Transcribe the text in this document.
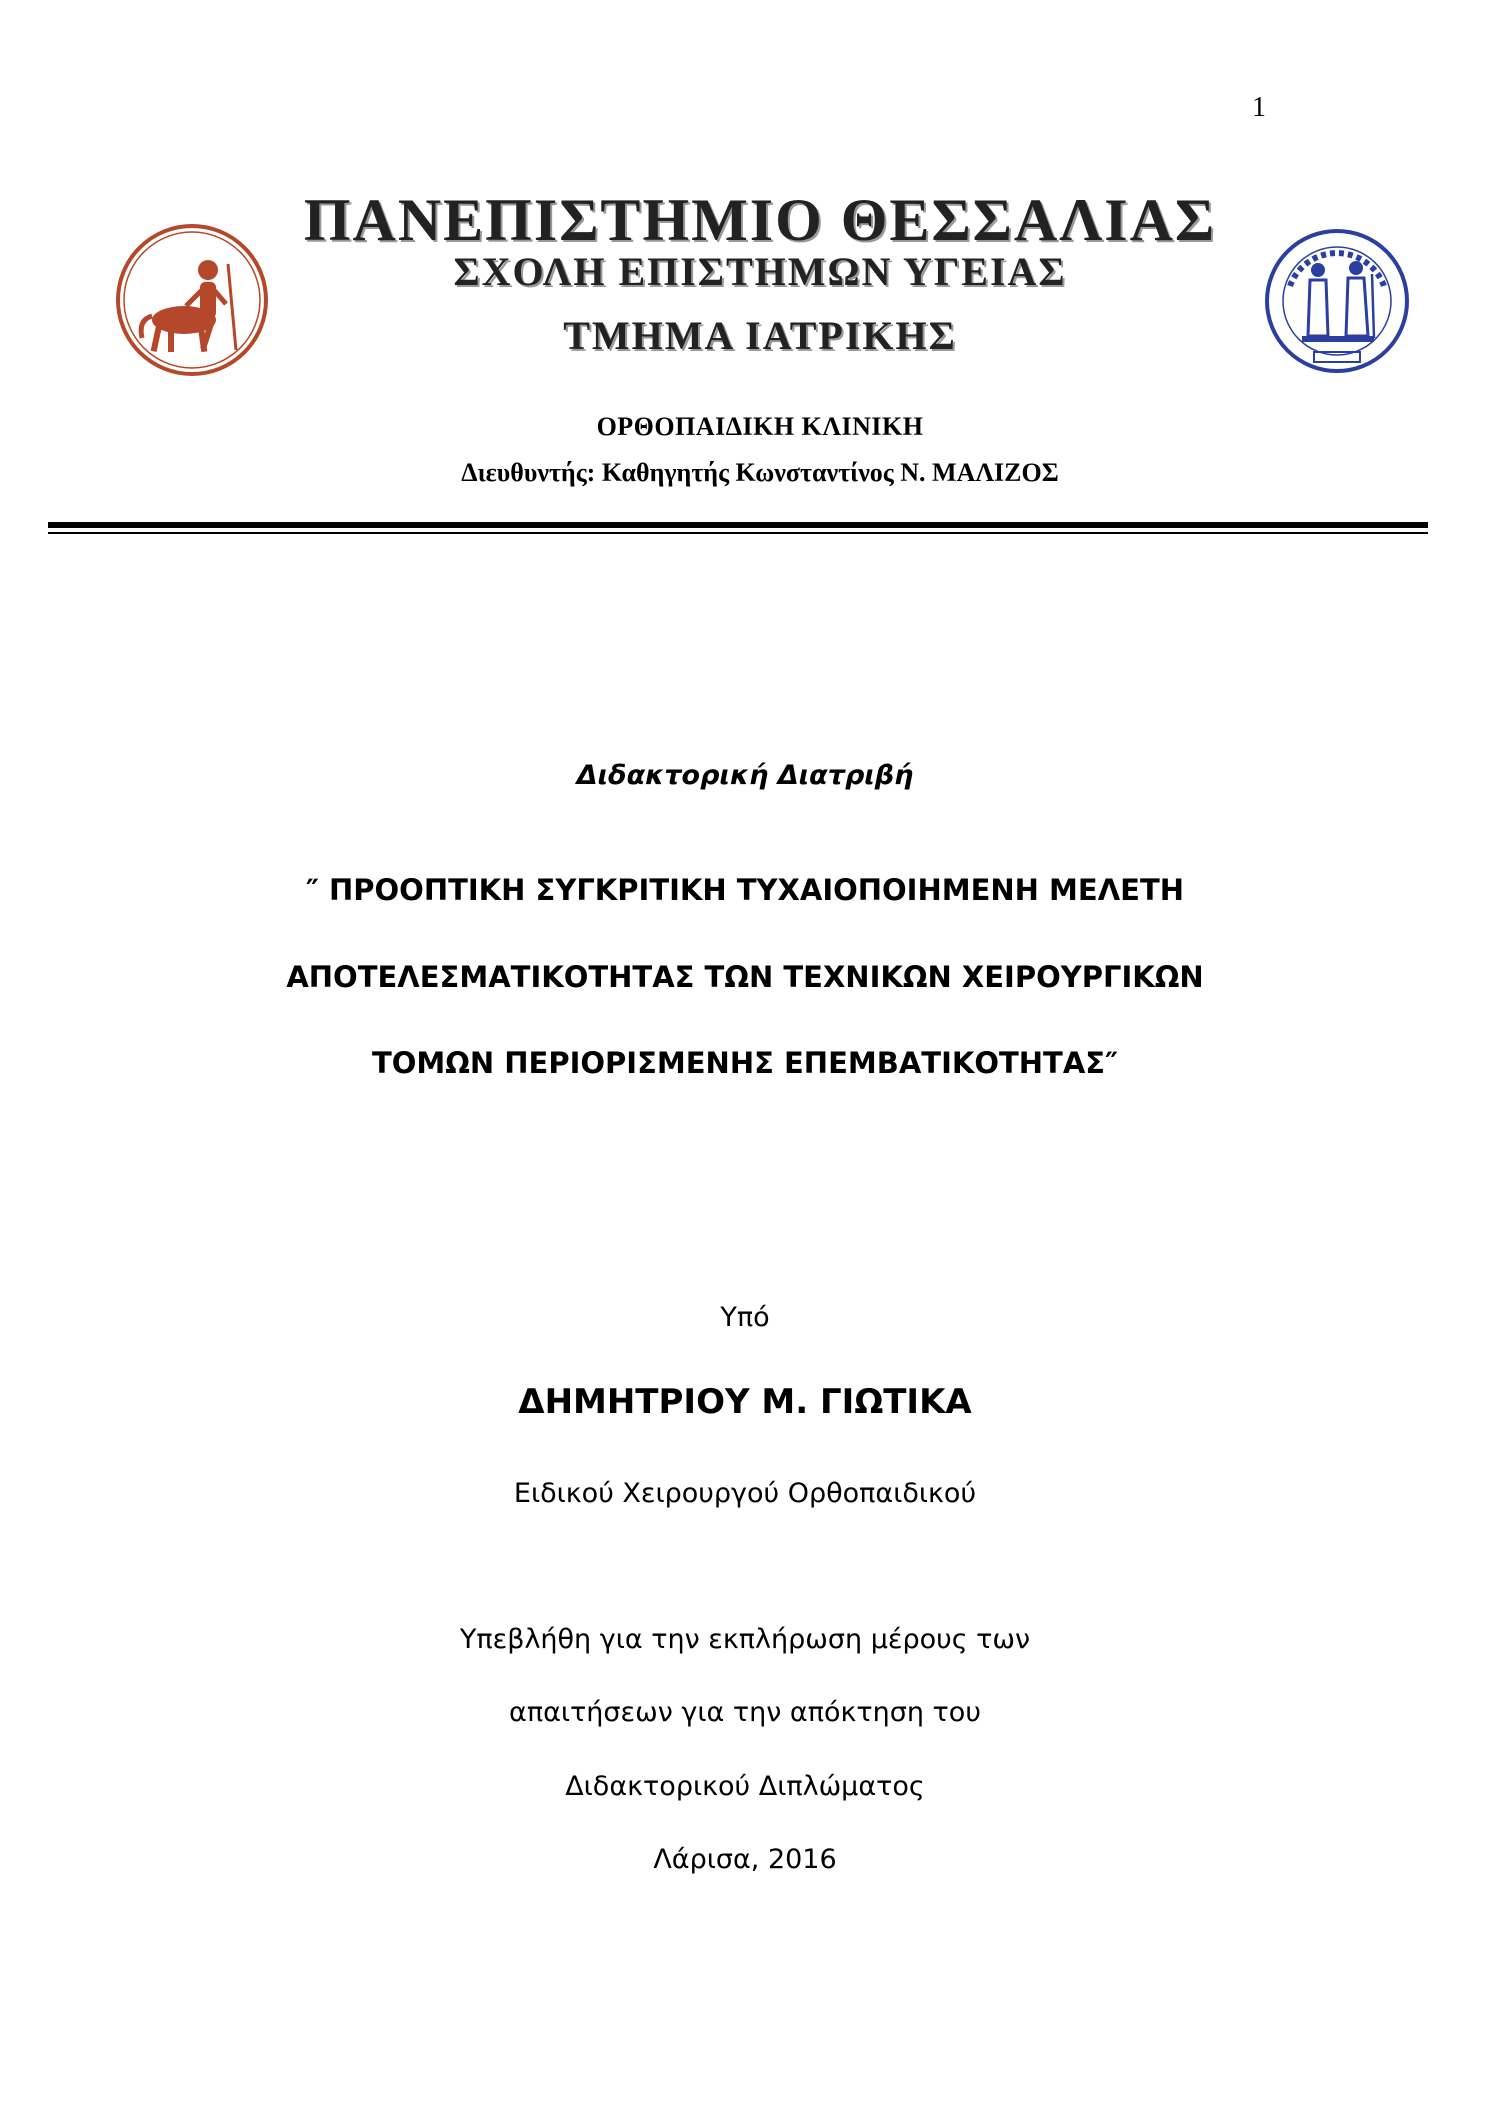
1
ΠΑΝΕΠΙΣΤΗΜΙΟ ΘΕΣΣΑΛΙΑΣ
ΣΧΟΛΗ ΕΠΙΣΤΗΜΩΝ ΥΓΕΙΑΣ
ΤΜΗΜΑ ΙΑΤΡΙΚΗΣ
ΟΡΘΟΠΑΙΔΙΚΗ ΚΛΙΝΙΚΗ
Διευθυντής: Καθηγητής Κωνσταντίνος Ν. ΜΑΛΙΖΟΣ
Διδακτορική Διατριβή
″ ΠΡΟΟΠΤΙΚΗ ΣΥΓΚΡΙΤΙΚΗ ΤΥΧΑΙΟΠΟΙΗΜΕΝΗ ΜΕΛΕΤΗ
ΑΠΟΤΕΛΕΣΜΑΤΙΚΟΤΗΤΑΣ ΤΩΝ ΤΕΧΝΙΚΩΝ ΧΕΙΡΟΥΡΓΙΚΩΝ
ΤΟΜΩΝ ΠΕΡΙΟΡΙΣΜΕΝΗΣ ΕΠΕΜΒΑΤΙΚΟΤΗΤΑΣ″
Υπό
ΔΗΜΗΤΡΙΟΥ Μ. ΓΙΩΤΙΚΑ
Ειδικού Χειρουργού Ορθοπαιδικού
Υπεβλήθη για την εκπλήρωση μέρους των
απαιτήσεων για την απόκτηση του
Διδακτορικού Διπλώματος
Λάρισα, 2016
